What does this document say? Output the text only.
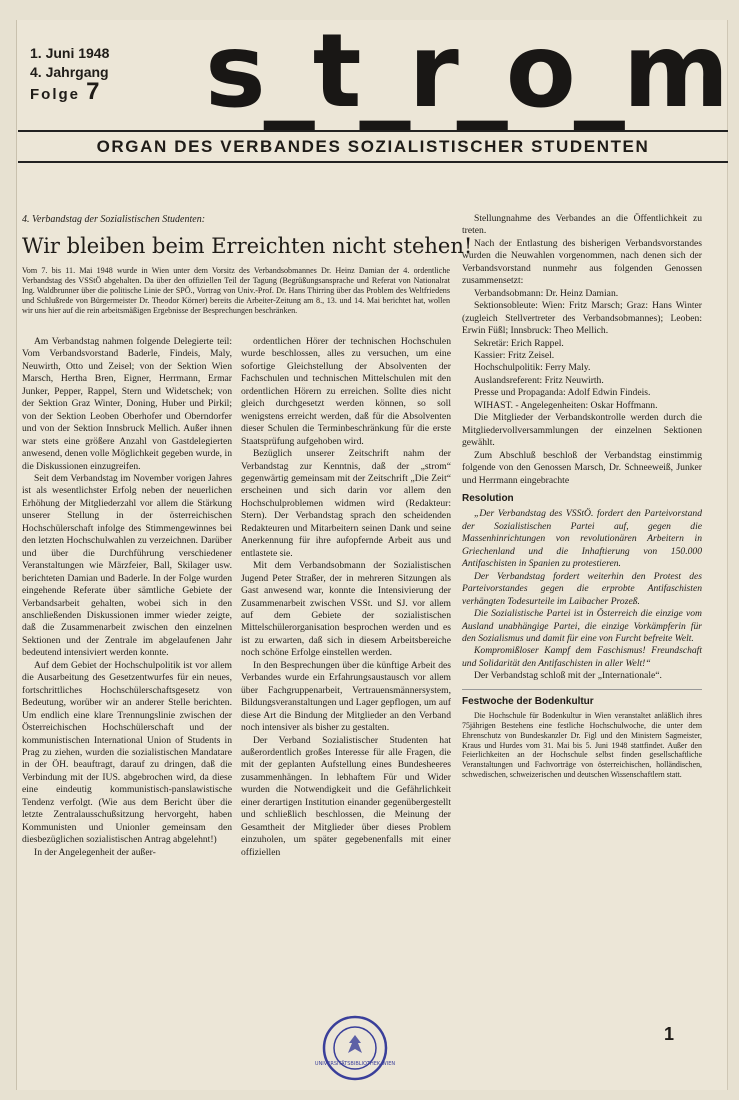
1. Juni 1948
4. Jahrgang
Folge 7 s_t_r_o_m
ORGAN DES VERBANDES SOZIALISTISCHER STUDENTEN
4. Verbandstag der Sozialistischen Studenten:
Wir bleiben beim Erreichten nicht stehen!
Vom 7. bis 11. Mai 1948 wurde in Wien unter dem Vorsitz des Verbandsobmannes Dr. Heinz Damian der 4. ordentliche Verbandstag des VSStÖ abgehalten. Da über den offiziellen Teil der Tagung (Begrüßungsansprache und Referat von Nationalrat Ing. Waldbrunner über die politische Linie der SPÖ., Vortrag von Univ.-Prof. Dr. Hans Thirring über das Problem des Weltfriedens und Schlußrede von Bürgermeister Dr. Theodor Körner) bereits die Arbeiter-Zeitung am 8., 13. und 14. Mai berichtet hat, wollen wir uns hier auf die rein arbeitsmäßigen Ergebnisse der Besprechungen beschränken.

Am Verbandstag nahmen folgende Delegierte teil: Vom Verbandsvorstand Baderle, Findeis, Maly, Neuwirth, Otto und Zeisel; von der Sektion Wien Marsch, Hertha Bren, Eigner, Herrmann, Ermar Junker, Pepper, Rappel, Stern und Widetschek; von der Sektion Graz Winter, Doning, Huber und Pirkil; von der Sektion Leoben Oberhofer und Oberndorfer und von der Sektion Innsbruck Mellich. Außer ihnen war stets eine größere Anzahl von Gastdelegierten anwesend, denen volle Möglichkeit gegeben wurde, in die Diskussionen einzugreifen.

Seit dem Verbandstag im November vorigen Jahres ist als wesentlichster Erfolg neben der neuerlichen Erhöhung der Mitgliederzahl vor allem die Stärkung unserer Stellung in der österreichischen Hochschülerschaft infolge des Stimmengewinnes bei den letzten Hochschulwahlen zu verzeichnen. Darüber und über die Durchführung verschiedener Veranstaltungen wie Märzfeier, Ball, Skilager usw. berichteten Damian und Baderle. In der Folge wurden eingehende Referate über sämtliche Gebiete der Verbandsarbeit gehalten, wobei sich in den anschließenden Diskussionen immer wieder zeigte, daß die Zusammenarbeit zwischen den einzelnen Sektionen und der Zentrale im abgelaufenen Jahr bedeutend intensiviert werden konnte.

Auf dem Gebiet der Hochschulpolitik ist vor allem die Ausarbeitung des Gesetzentwurfes für ein neues, fortschrittliches Hochschülerschaftsgesetz von Bedeutung, worüber wir an anderer Stelle berichten. Um endlich eine klare Trennungslinie zwischen der Österreichischen Hochschülerschaft und der kommunistischen International Union of Students in Prag zu ziehen, wurden die sozialistischen Mandatare in der ÖH. beauftragt, darauf zu dringen, daß die Verbindung mit der IUS. abgebrochen wird, da diese eine eindeutig kommunistisch-panslawistische Tendenz verfolgt. (Wie aus dem Bericht über die letzte Zentralausschußsitzung hervorgeht, haben Kommunisten und Unionler gemeinsam den diesbezüglichen sozialistischen Antrag abgelehnt!)

In der Angelegenheit der außer-

ordentlichen Hörer der technischen Hochschulen wurde beschlossen, alles zu versuchen, um eine sofortige Gleichstellung der Absolventen der Fachschulen und technischen Mittelschulen mit den ordentlichen Hörern zu erreichen. Sollte dies nicht gleich durchgesetzt werden können, so soll wenigstens erreicht werden, daß für die Absolventen dieser Schulen die Terminbeschränkung für die erste Staatsprüfung aufgehoben wird.

Bezüglich unserer Zeitschrift nahm der Verbandstag zur Kenntnis, daß der „strom“ gegenwärtig gemeinsam mit der Zeitschrift „Die Zeit“ erscheinen und sich darin vor allem den Hochschulproblemen widmen wird (Redakteur: Stern). Der Verbandstag sprach den scheidenden Redakteuren und Mitarbeitern seinen Dank und seine Anerkennung für ihre aufopfernde Arbeit aus und entlastete sie.

Mit dem Verbandsobmann der Sozialistischen Jugend Peter Straßer, der in mehreren Sitzungen als Gast anwesend war, konnte die Intensivierung der Zusammenarbeit zwischen VSSt. und SJ. vor allem auf dem Gebiete der sozialistischen Mittelschülerorganisation besprochen werden und es ist zu erwarten, daß sich in diesem Arbeitsbereiche noch schöne Erfolge einstellen werden.

In den Besprechungen über die künftige Arbeit des Verbandes wurde ein Erfahrungsaustausch vor allem über Fachgruppenarbeit, Vertrauensmännersystem, Bildungsveranstaltungen und Lager gepflogen, um auf diese Art die Bindung der Mitglieder an den Verband noch intensiver als bisher zu gestalten.

Der Verband Sozialistischer Studenten hat außerordentlich großes Interesse für alle Fragen, die mit der geplanten Aufstellung eines Bundesheeres zusammenhängen. In lebhaftem Für und Wider wurden die Notwendigkeit und die Gefährlichkeit einer derartigen Institution einander gegenübergestellt und schließlich beschlossen, die Meinung der Gesamtheit der Mitglieder über dieses Problem einzuholen, um später gegebenenfalls mit einer offiziellen

Stellungnahme des Verbandes an die Öffentlichkeit zu treten.

Nach der Entlastung des bisherigen Verbandsvorstandes wurden die Neuwahlen vorgenommen, nach denen sich der Verbandsvorstand nunmehr aus folgenden Genossen zusammensetzt:

Verbandsobmann: Dr. Heinz Damian.

Sektionsobleute: Wien: Fritz Marsch; Graz: Hans Winter (zugleich Stellvertreter des Verbandsobmannes); Leoben: Erwin Füßl; Innsbruck: Theo Mellich.

Sekretär: Erich Rappel.

Kassier: Fritz Zeisel.

Hochschulpolitik: Ferry Maly.

Auslandsreferent: Fritz Neuwirth.

Presse und Propaganda: Adolf Edwin Findeis.

WIHAST. - Angelegenheiten: Oskar Hoffmann.

Die Mitglieder der Verbandskontrolle werden durch die Mitgliedervollversammlungen der einzelnen Sektionen gewählt.

Zum Abschluß beschloß der Verbandstag einstimmig folgende von den Genossen Marsch, Dr. Schneeweiß, Junker und Herrmann eingebrachte

Resolution

„Der Verbandstag des VSStÖ. fordert den Parteivorstand der Sozialistischen Partei auf, gegen die Massenhinrichtungen von revolutionären Arbeitern in Griechenland und die Inhaftierung von 150.000 Antifaschisten in Spanien zu protestieren.

Der Verbandstag fordert weiterhin den Protest des Parteivorstandes gegen die erprobte Antifaschisten verhängten Todesurteile im Laibacher Prozeß.

Die Sozialistische Partei ist in Österreich die einzige vom Ausland unabhängige Partei, die einzige Vorkämpferin für den Sozialismus und damit für eine von Furcht befreite Welt.

Kompromißloser Kampf dem Faschismus! Freundschaft und Solidarität den Antifaschisten in aller Welt!“

Der Verbandstag schloß mit der „Internationale“.

Festwoche der Bodenkultur

Die Hochschule für Bodenkultur in Wien veranstaltet anläßlich ihres 75jährigen Bestehens eine festliche Hochschulwoche, die unter dem Ehrenschutz von Bundeskanzler Dr. Figl und den Ministern Sagmeister, Kraus und Hurdes vom 31. Mai bis 5. Juni 1948 stattfindet. Außer den Feierlichkeiten an der Hochschule selbst finden gesellschaftliche Veranstaltungen und Fachvorträge von österreichischen, holländischen, schwedischen, schweizerischen und deutschen Wissenschaftlern statt.

UNIVERSITÄTSBIBLIOTHEK WIEN
1
